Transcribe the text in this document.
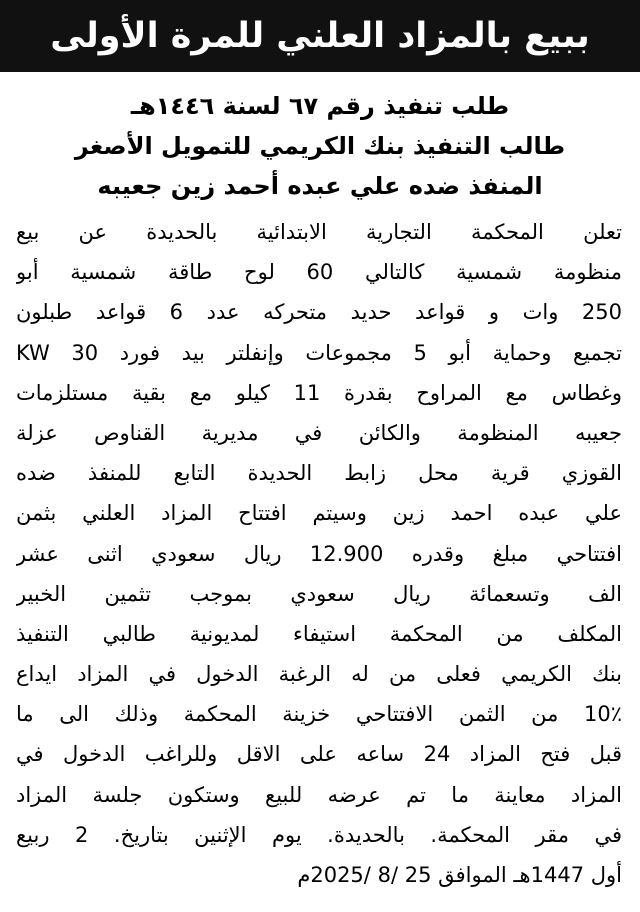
ببيع بالمزاد العلني للمرة الأولى
طلب تنفيذ رقم ٦٧ لسنة ١٤٤٦هـ
طالب التنفيذ بنك الكريمي للتمويل الأصغر
المنفذ ضده علي عبده أحمد زين جعيبه
تعلن المحكمة التجارية الابتدائية بالحديدة عن بيع
منظومة شمسية كالتالي 60 لوح طاقة شمسية أبو
250 وات و قواعد حديد متحركه عدد 6 قواعد طبلون
تجميع وحماية أبو 5 مجموعات وإنفلتر بيد فورد KW 30
وغطاس مع المراوح بقدرة 11 كيلو مع بقية مستلزمات
جعيبه المنظومة والكائن في مديرية القناوص عزلة
القوزي قرية محل زابط الحديدة التابع للمنفذ ضده
علي عبده احمد زين وسيتم افتتاح المزاد العلني بثمن
افتتاحي مبلغ وقدره 12.900 ريال سعودي اثنى عشر
الف وتسعمائة ريال سعودي بموجب تثمين الخبير
المكلف من المحكمة استيفاء لمديونية طالبي التنفيذ
بنك الكريمي فعلى من له الرغبة الدخول في المزاد ايداع
10٪ من الثمن الافتتاحي خزينة المحكمة وذلك الى ما
قبل فتح المزاد 24 ساعه على الاقل وللراغب الدخول في
المزاد معاينة ما تم عرضه للبيع وستكون جلسة المزاد
في مقر المحكمة. بالحديدة. يوم الإثنين بتاريخ. 2 ربيع
أول 1447هـ الموافق 25 /8 /2025م
